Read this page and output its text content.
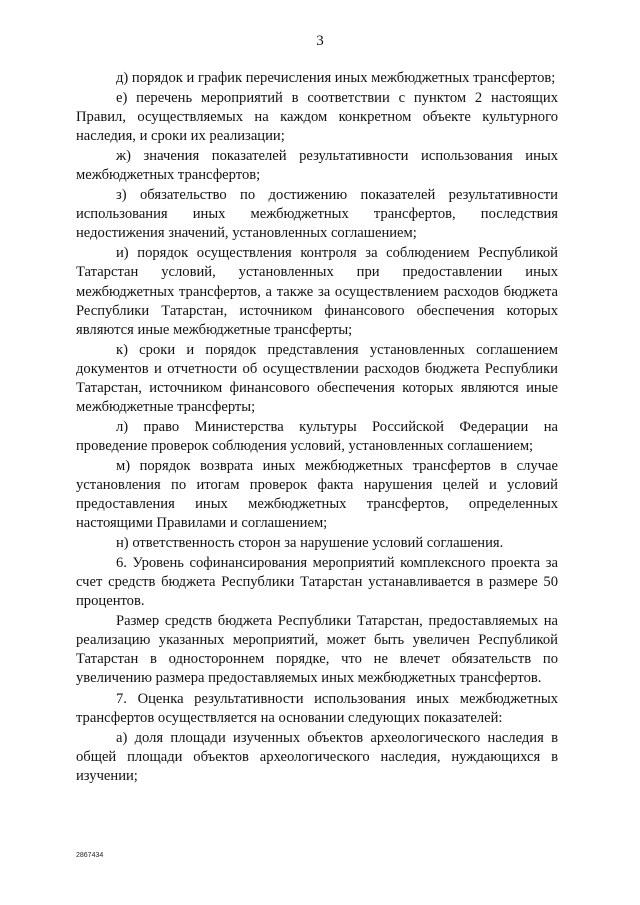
3

д) порядок и график перечисления иных межбюджетных трансфертов;

е) перечень мероприятий в соответствии с пунктом 2 настоящих Правил, осуществляемых на каждом конкретном объекте культурного наследия, и сроки их реализации;

ж) значения показателей результативности использования иных межбюджетных трансфертов;

з) обязательство по достижению показателей результативности использования иных межбюджетных трансфертов, последствия недостижения значений, установленных соглашением;

и) порядок осуществления контроля за соблюдением Республикой Татарстан условий, установленных при предоставлении иных межбюджетных трансфертов, а также за осуществлением расходов бюджета Республики Татарстан, источником финансового обеспечения которых являются иные межбюджетные трансферты;

к) сроки и порядок представления установленных соглашением документов и отчетности об осуществлении расходов бюджета Республики Татарстан, источником финансового обеспечения которых являются иные межбюджетные трансферты;

л) право Министерства культуры Российской Федерации на проведение проверок соблюдения условий, установленных соглашением;

м) порядок возврата иных межбюджетных трансфертов в случае установления по итогам проверок факта нарушения целей и условий предоставления иных межбюджетных трансфертов, определенных настоящими Правилами и соглашением;

н) ответственность сторон за нарушение условий соглашения.

6. Уровень софинансирования мероприятий комплексного проекта за счет средств бюджета Республики Татарстан устанавливается в размере 50 процентов.

Размер средств бюджета Республики Татарстан, предоставляемых на реализацию указанных мероприятий, может быть увеличен Республикой Татарстан в одностороннем порядке, что не влечет обязательств по увеличению размера предоставляемых иных межбюджетных трансфертов.

7. Оценка результативности использования иных межбюджетных трансфертов осуществляется на основании следующих показателей:

а) доля площади изученных объектов археологического наследия в общей площади объектов археологического наследия, нуждающихся в изучении;

2867434
